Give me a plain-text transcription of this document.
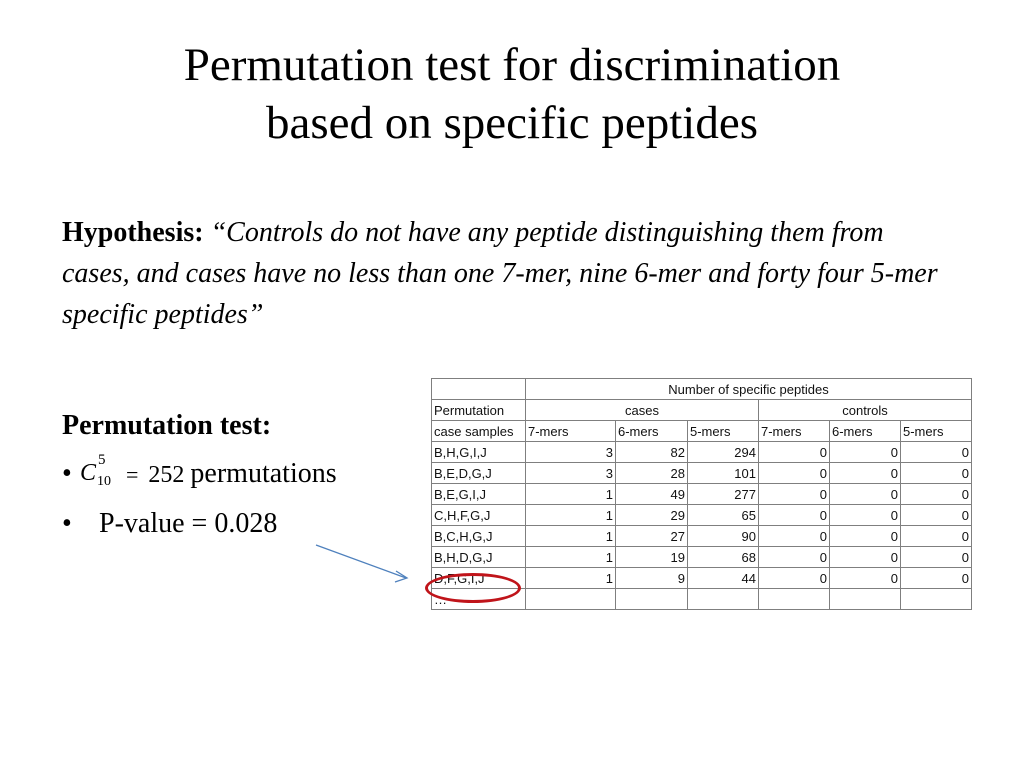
Permutation test for discrimination
based on specific peptides
Hypothesis: “Controls do not have any peptide distinguishing them from cases, and cases have no less than one 7-mer, nine 6-mer and forty four 5-mer specific peptides”
Permutation test:
• C 5
10 = 252 permutations
• P-value = 0.028
	Number of specific peptides					
Permutation	cases			controls		
case samples	7-mers	6-mers	5-mers	7-mers	6-mers	5-mers
B,H,G,I,J	3	82	294	0	0	0
B,E,D,G,J	3	28	101	0	0	0
B,E,G,I,J	1	49	277	0	0	0
C,H,F,G,J	1	29	65	0	0	0
B,C,H,G,J	1	27	90	0	0	0
B,H,D,G,J	1	19	68	0	0	0
D,F,G,I,J	1	9	44	0	0	0
…						
